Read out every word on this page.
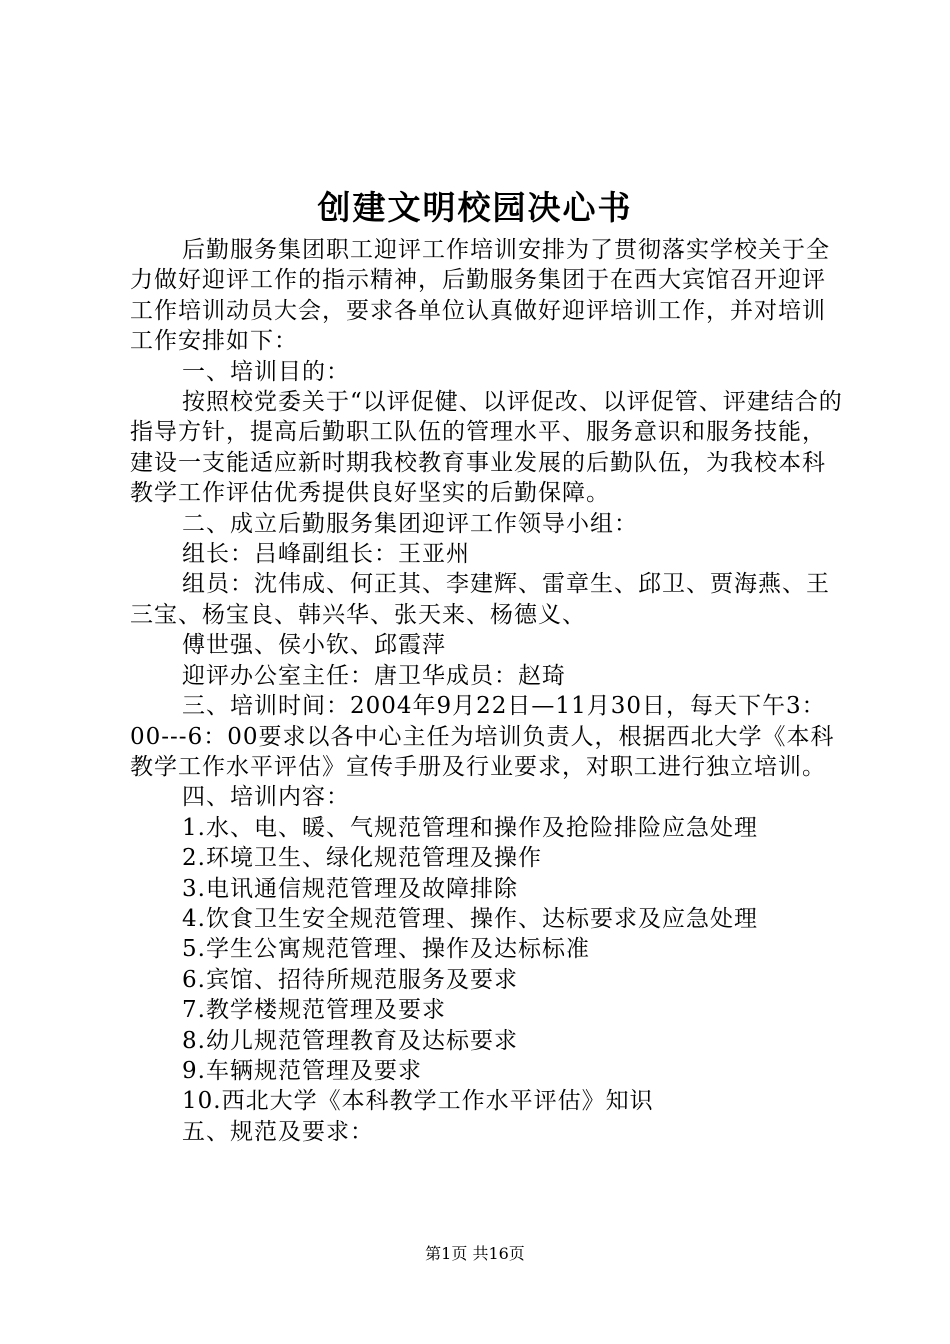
创建文明校园决心书

后勤服务集团职工迎评工作培训安排为了贯彻落实学校关于全力做好迎评工作的指示精神，后勤服务集团于在西大宾馆召开迎评工作培训动员大会，要求各单位认真做好迎评培训工作，并对培训工作安排如下：

一、培训目的：

按照校党委关于“以评促健、以评促改、以评促管、评建结合的指导方针，提高后勤职工队伍的管理水平、服务意识和服务技能，建设一支能适应新时期我校教育事业发展的后勤队伍，为我校本科教学工作评估优秀提供良好坚实的后勤保障。

二、成立后勤服务集团迎评工作领导小组：

组长：吕峰副组长：王亚州

组员：沈伟成、何正其、李建辉、雷章生、邱卫、贾海燕、王三宝、杨宝良、韩兴华、张天来、杨德义、

傅世强、侯小钦、邱霞萍

迎评办公室主任：唐卫华成员：赵琦

三、培训时间：2004年9月22日—11月30日，每天下午3：00---6：00要求以各中心主任为培训负责人，根据西北大学《本科教学工作水平评估》宣传手册及行业要求，对职工进行独立培训。

四、培训内容：

1.水、电、暖、气规范管理和操作及抢险排险应急处理

2.环境卫生、绿化规范管理及操作

3.电讯通信规范管理及故障排除

4.饮食卫生安全规范管理、操作、达标要求及应急处理

5.学生公寓规范管理、操作及达标标准

6.宾馆、招待所规范服务及要求

7.教学楼规范管理及要求

8.幼儿规范管理教育及达标要求

9.车辆规范管理及要求

10.西北大学《本科教学工作水平评估》知识

五、规范及要求：

第1页 共16页
